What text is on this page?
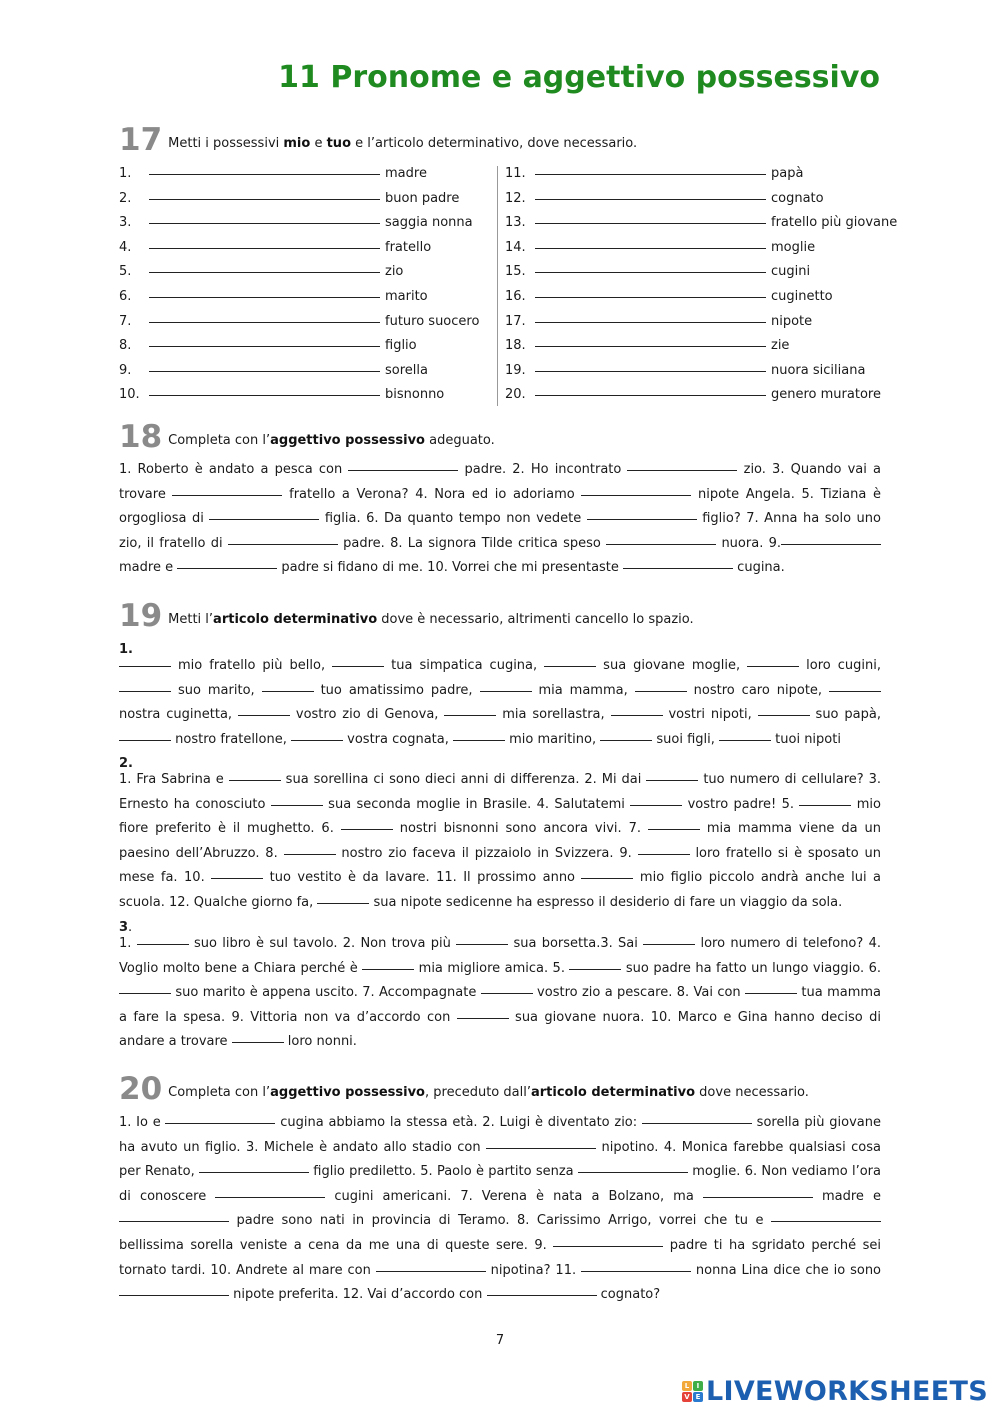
11 Pronome e aggettivo possessivo
17 Metti i possessivi mio e tuo e l’articolo determinativo, dove necessario.
1.	madre
2.	buon padre
3.	saggia nonna
4.	fratello
5.	zio
6.	marito
7.	futuro suocero
8.	figlio
9.	sorella
10.	bisnonno
11.	papà
12.	cognato
13.	fratello più giovane
14.	moglie
15.	cugini
16.	cuginetto
17.	nipote
18.	zie
19.	nuora siciliana
20.	genero muratore
18 Completa con l’aggettivo possessivo adeguato.
1. Roberto è andato a pesca con	padre. 2. Ho incontrato	zio. 3. Quando vai a trovare	fratello a Verona? 4. Nora ed io adoriamo	nipote Angela. 5. Tiziana è orgogliosa di	figlia. 6. Da quanto tempo non vedete	figlio? 7. Anna ha solo uno zio, il fratello di	padre. 8. La signora Tilde critica speso	nuora. 9. madre e	padre si fidano di me. 10. Vorrei che mi presentaste	cugina.
19 Metti l’articolo determinativo dove è necessario, altrimenti cancello lo spazio.
1.
mio fratello più bello,	tua simpatica cugina,	sua giovane moglie,	loro cugini,  suo marito,	tuo amatissimo padre,	mia mamma,	nostro caro nipote,  nostra cuginetta,	vostro zio di Genova,	mia sorellastra,	vostri nipoti,	suo papà,  nostro fratellone,	vostra cognata,	mio maritino,	suoi figli,	tuoi nipoti
2.
1. Fra Sabrina e	sua sorellina ci sono dieci anni di differenza. 2. Mi dai	tuo numero di cellulare? 3. Ernesto ha conosciuto	sua seconda moglie in Brasile. 4. Salutatemi	vostro padre! 5.	mio fiore preferito è il mughetto. 6.	nostri bisnonni sono ancora vivi. 7.	mia mamma viene da un paesino dell’Abruzzo. 8.	nostro zio faceva il pizzaiolo in Svizzera. 9.	loro fratello si è sposato un mese fa. 10.	tuo vestito è da lavare. 11. Il prossimo anno	mio figlio piccolo andrà anche lui a scuola. 12. Qualche giorno fa,	sua nipote sedicenne ha espresso il desiderio di fare un viaggio da sola.
3.
1.	suo libro è sul tavolo. 2. Non trova più	sua borsetta.3. Sai	loro numero di telefono? 4. Voglio molto bene a Chiara perché è	mia migliore amica. 5.	suo padre ha fatto un lungo viaggio. 6.  suo marito è appena uscito. 7. Accompagnate	vostro zio a pescare. 8. Vai con	tua mamma a fare la spesa. 9. Vittoria non va d’accordo con	sua giovane nuora. 10. Marco e Gina hanno deciso di andare a trovare	loro nonni.
20 Completa con l’aggettivo possessivo, preceduto dall’articolo determinativo dove necessario.
1. Io e	cugina abbiamo la stessa età. 2. Luigi è diventato zio:	sorella più giovane ha avuto un figlio. 3. Michele è andato allo stadio con	nipotino. 4. Monica farebbe qualsiasi cosa per Renato,	figlio prediletto. 5. Paolo è partito senza	moglie. 6. Non vediamo l’ora di conoscere	cugini americani. 7. Verena è nata a Bolzano, ma	madre e  padre sono nati in provincia di Teramo. 8. Carissimo Arrigo, vorrei che tu e  bellissima sorella veniste a cena da me una di queste sere. 9.	padre ti ha sgridato perché sei tornato tardi. 10. Andrete al mare con	nipotina? 11.	nonna Lina dice che io sono  nipote preferita. 12. Vai d’accordo con	cognato?
7
L	I
V E LIVEWORKSHEETS
